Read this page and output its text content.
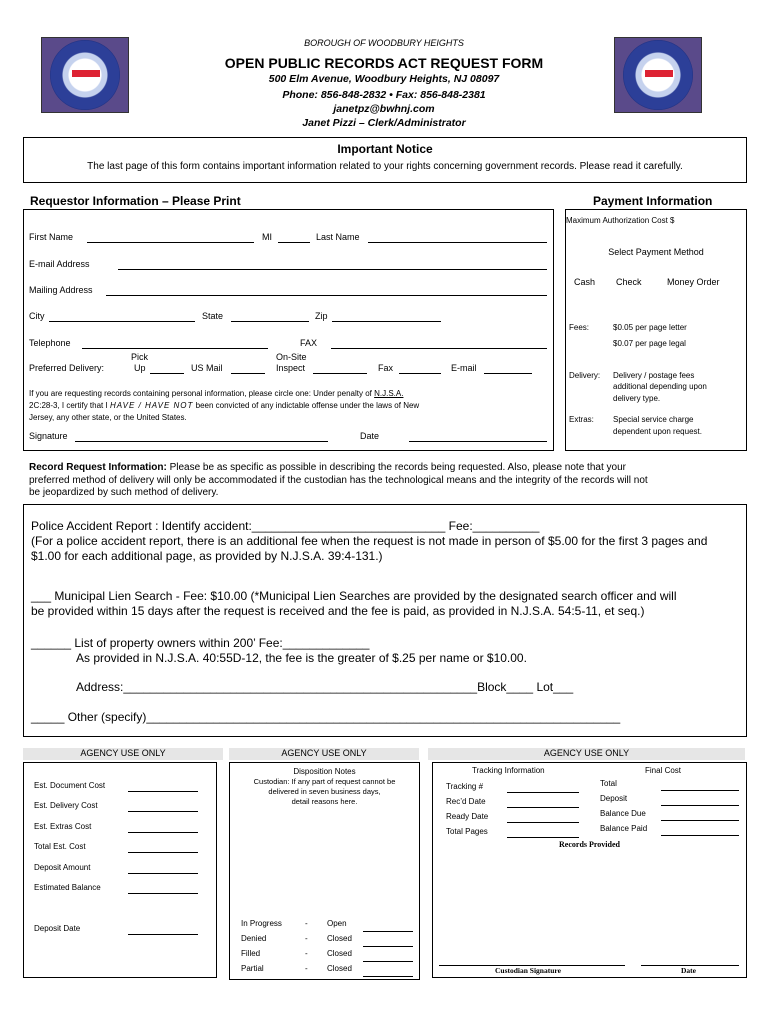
BOROUGH OF WOODBURY HEIGHTS
OPEN PUBLIC RECORDS ACT REQUEST FORM
500 Elm Avenue, Woodbury Heights, NJ 08097
Phone: 856-848-2832 • Fax: 856-848-2381
janetpz@bwhnj.com
Janet Pizzi – Clerk/Administrator
Important Notice
The last page of this form contains important information related to your rights concerning government records. Please read it carefully.
Requestor Information – Please Print
First Name	MI	Last Name
E-mail Address
Mailing Address
City	State	Zip
Telephone	FAX
Pick	On-Site
Preferred Delivery:	Up	US Mail	Inspect	Fax	E-mail
If you are requesting records containing personal information, please circle one: Under penalty of N.J.S.A.
2C:28-3, I certify that I HAVE / HAVE NOT been convicted of any indictable offense under the laws of New
Jersey, any other state, or the United States.
Signature	Date
Payment Information
Maximum Authorization Cost $
Select Payment Method
Cash Check	Money Order
Fees:	$0.05 per page letter
$0.07 per page legal
Delivery: Delivery / postage fees
additional depending upon
delivery type.
Extras: Special service charge
dependent upon request.
Record Request Information: Please be as specific as possible in describing the records being requested. Also, please note that your
preferred method of delivery will only be accommodated if the custodian has the technological means and the integrity of the records will not
be jeopardized by such method of delivery.
Police Accident Report : Identify accident:_____________________________ Fee:__________
(For a police accident report, there is an additional fee when the request is not made in person of $5.00 for the first 3 pages and
$1.00 for each additional page, as provided by N.J.S.A. 39:4-131.)
___ Municipal Lien Search - Fee: $10.00 (*Municipal Lien Searches are provided by the designated search officer and will
be provided within 15 days after the request is received and the fee is paid, as provided in N.J.S.A. 54:5-11, et seq.)
______ List of property owners within 200’ Fee:_____________
As provided in N.J.S.A. 40:55D-12, the fee is the greater of $.25 per name or $10.00.
Address:_____________________________________________________Block____ Lot___
_____ Other (specify)_______________________________________________________________________
AGENCY USE ONLY	AGENCY USE ONLY	AGENCY USE ONLY
Est. Document Cost
Est. Delivery Cost
Est. Extras Cost
Total Est. Cost
Deposit Amount
Estimated Balance
Deposit Date
Disposition Notes
Custodian: If any part of request cannot be
delivered in seven business days,
detail reasons here.
In Progress	- Open
Denied	- Closed
Filled	- Closed
Partial	- Closed
Tracking Information	Final Cost
Tracking #
Rec’d Date
Ready Date
Total Pages
Total
Deposit
Balance Due
Balance Paid
Records Provided
Custodian Signature	Date
